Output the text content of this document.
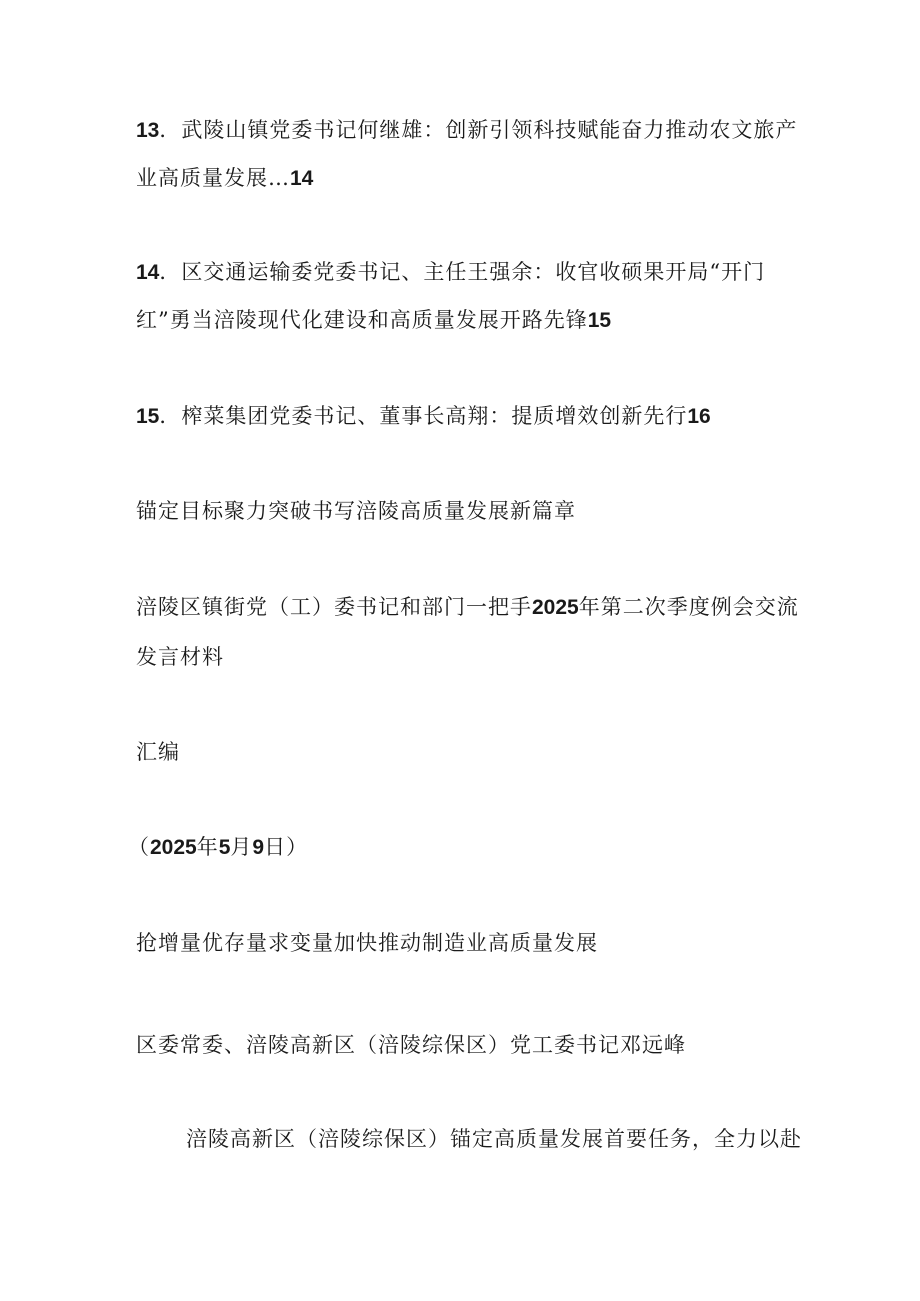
13．武陵山镇党委书记何继雄：创新引领科技赋能奋力推动农文旅产
业高质量发展…14
14．区交通运输委党委书记、主任王强余：收官收硕果开局“开门
红”勇当涪陵现代化建设和高质量发展开路先锋15
15．榨菜集团党委书记、董事长高翔：提质增效创新先行16
锚定目标聚力突破书写涪陵高质量发展新篇章
涪陵区镇街党（工）委书记和部门一把手2025年第二次季度例会交流
发言材料
汇编
（2025年5月9日）
抢增量优存量求变量加快推动制造业高质量发展
区委常委、涪陵高新区（涪陵综保区）党工委书记邓远峰
涪陵高新区（涪陵综保区）锚定高质量发展首要任务，全力以赴
